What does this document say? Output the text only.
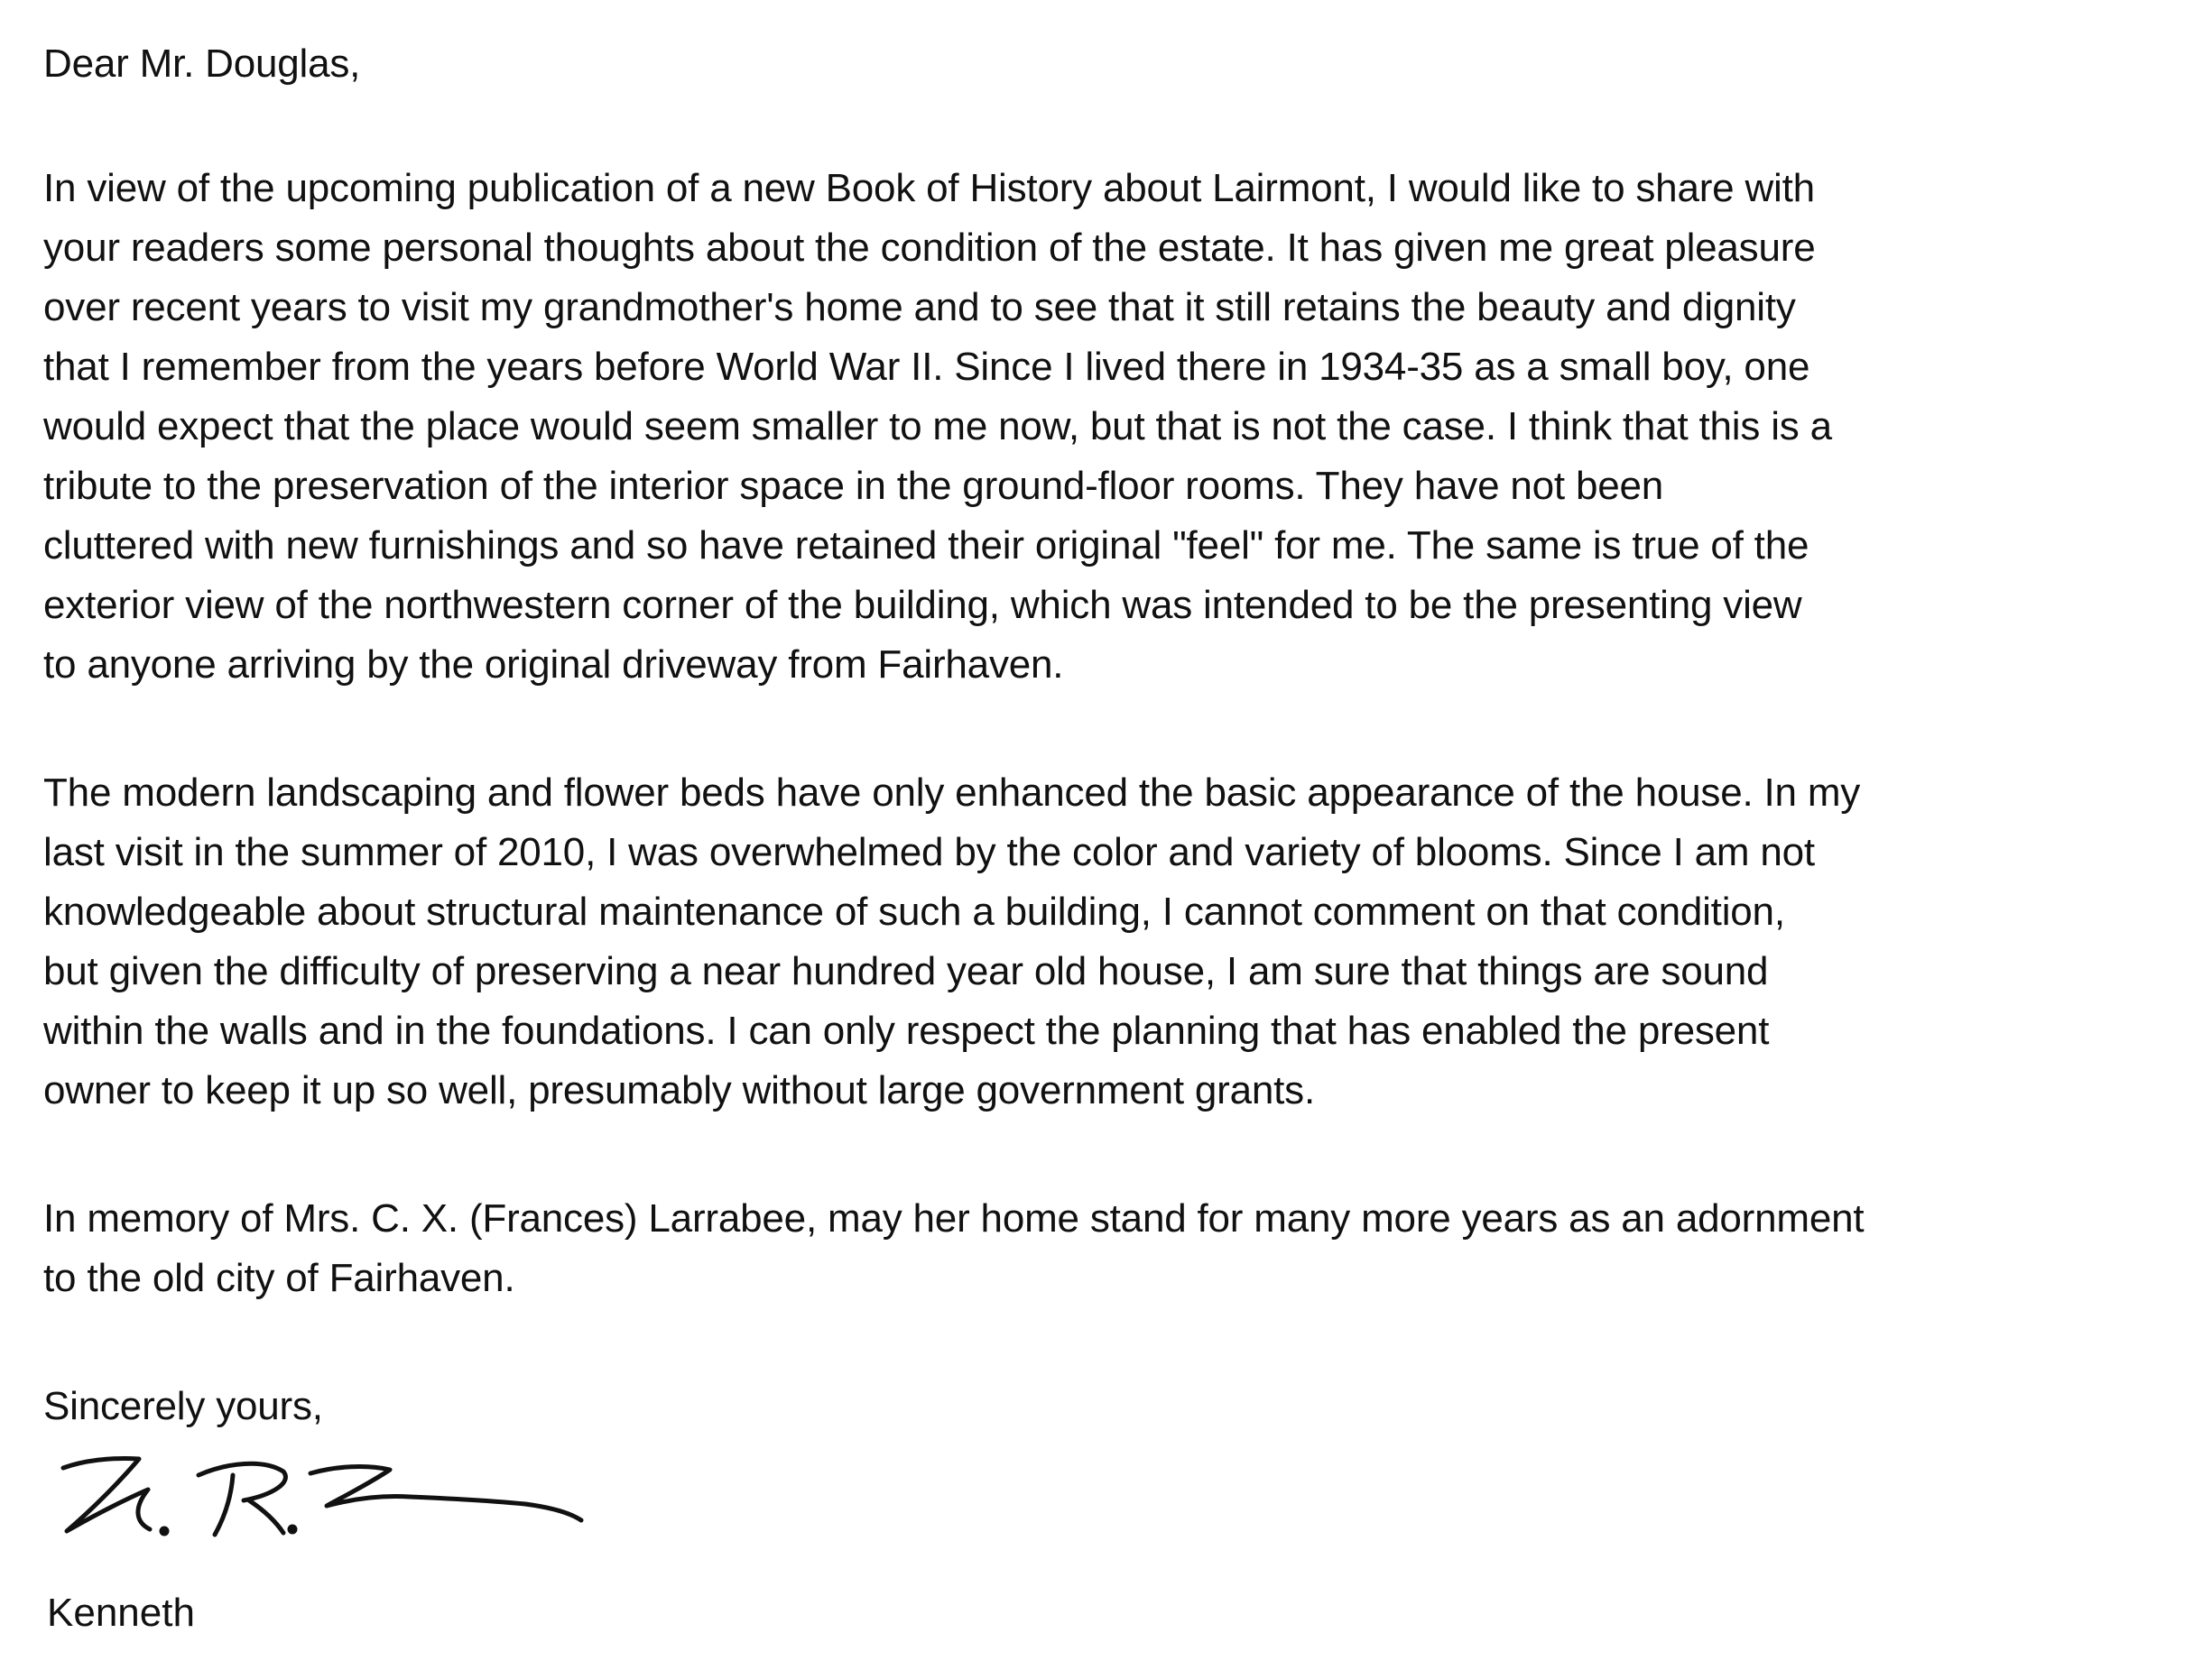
Dear Mr. Douglas,
In view of the upcoming publication of a new Book of History about Lairmont, I would like to share with
your readers some personal thoughts about the condition of the estate. It has given me great pleasure
over recent years to visit my grandmother's home and to see that it still retains the beauty and dignity
that I remember from the years before World War II. Since I lived there in 1934-35 as a small boy, one
would expect that the place would seem smaller to me now, but that is not the case. I think that this is a
tribute to the preservation of the interior space in the ground-floor rooms. They have not been
cluttered with new furnishings and so have retained their original "feel" for me. The same is true of the
exterior view of the northwestern corner of the building, which was intended to be the presenting view
to anyone arriving by the original driveway from Fairhaven.
The modern landscaping and flower beds have only enhanced the basic appearance of the house. In my
last visit in the summer of 2010, I was overwhelmed by the color and variety of blooms. Since I am not
knowledgeable about structural maintenance of such a building, I cannot comment on that condition,
but given the difficulty of preserving a near hundred year old house, I am sure that things are sound
within the walls and in the foundations. I can only respect the planning that has enabled the present
owner to keep it up so well, presumably without large government grants.
In memory of Mrs. C. X. (Frances) Larrabee, may her home stand for many more years as an adornment
to the old city of Fairhaven.
Sincerely yours,
Kenneth
